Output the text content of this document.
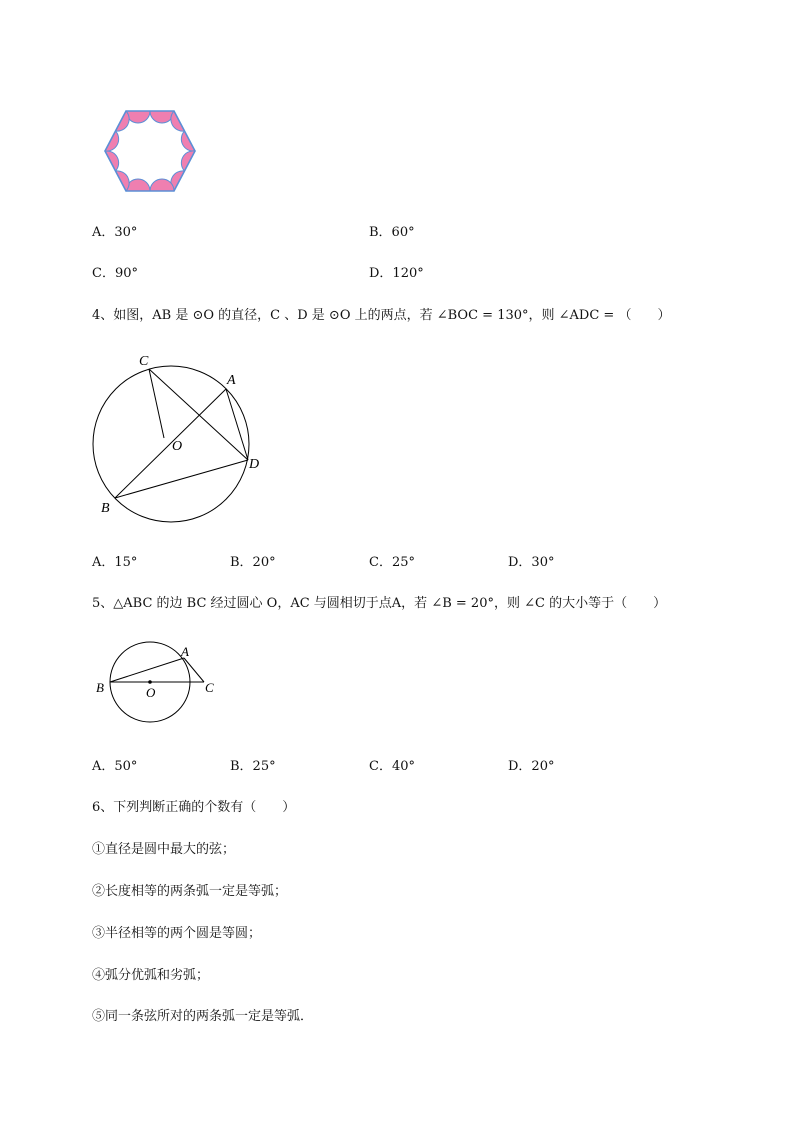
A．30°	B．60°
C．90°	D．120°
4、如图，AB 是 ⊙O 的直径，C 、D 是 ⊙O 上的两点，若 ∠BOC = 130°，则 ∠ADC = （　　）
C
A
O
D
B
A．15°	B．20°	C．25°	D．30°
5、△ABC 的边 BC 经过圆心 O，AC 与圆相切于点A，若 ∠B = 20°，则 ∠C 的大小等于（　　）
A
B	O	C
A．50°	B．25°	C．40°	D．20°
6、下列判断正确的个数有（　　）
①直径是圆中最大的弦；
②长度相等的两条弧一定是等弧；
③半径相等的两个圆是等圆；
④弧分优弧和劣弧；
⑤同一条弦所对的两条弧一定是等弧．
